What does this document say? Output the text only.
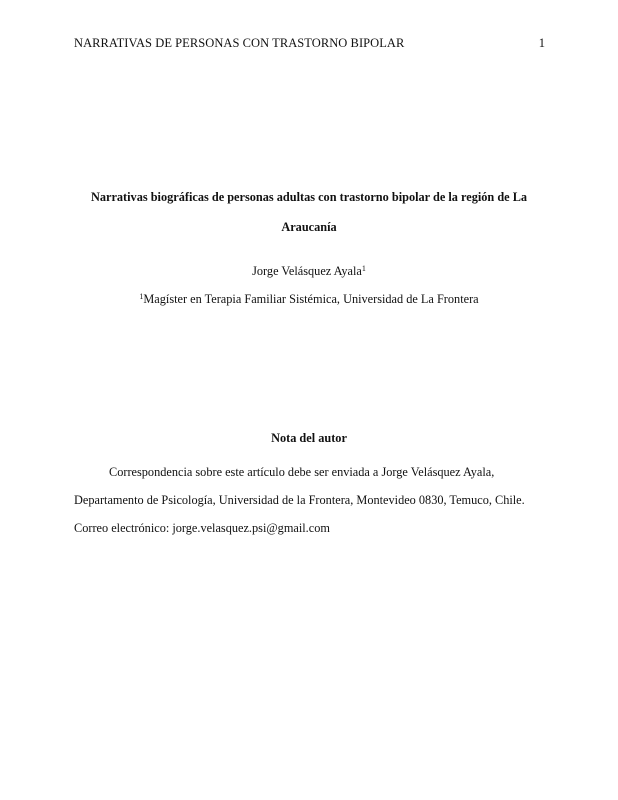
NARRATIVAS DE PERSONAS CON TRASTORNO BIPOLAR	1
Narrativas biográficas de personas adultas con trastorno bipolar de la región de La
Araucanía
Jorge Velásquez Ayala$^1$
$^1$Magíster en Terapia Familiar Sistémica, Universidad de La Frontera
Nota del autor
Correspondencia sobre este artículo debe ser enviada a Jorge Velásquez Ayala,
Departamento de Psicología, Universidad de la Frontera, Montevideo 0830, Temuco, Chile.
Correo electrónico: jorge.velasquez.psi@gmail.com
